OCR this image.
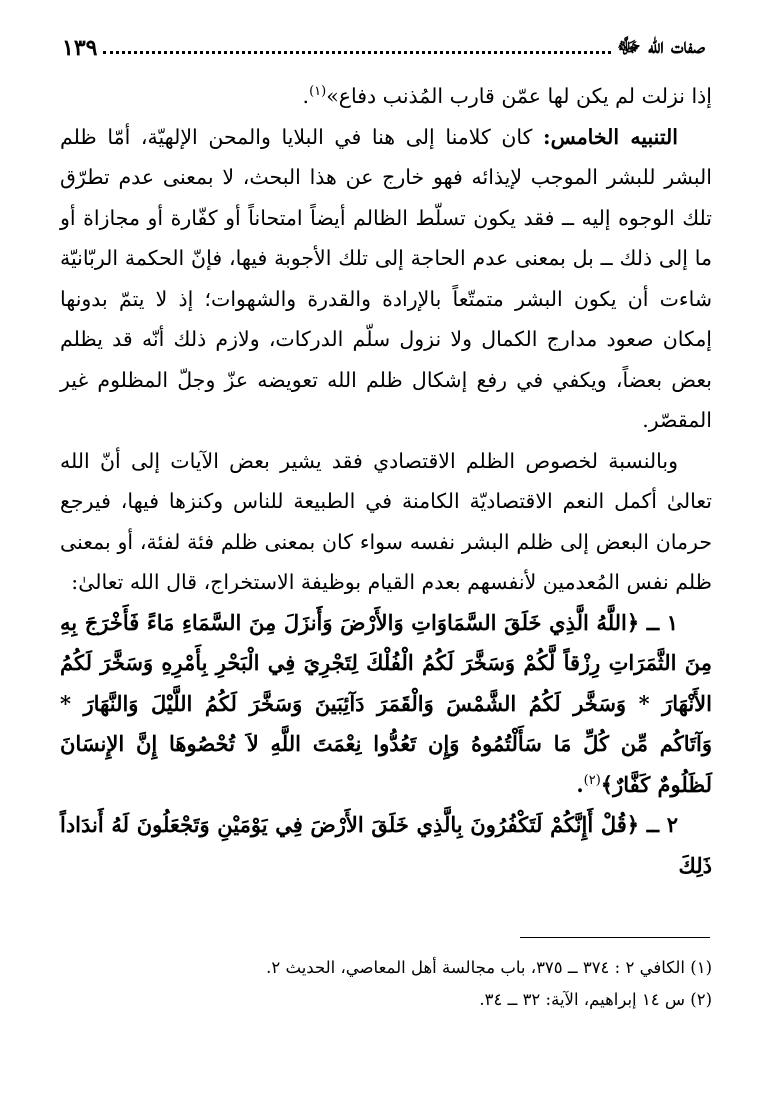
صفات الله ﷻ
١٣٩

إذا نزلت لم يكن لها عمّن قارب المُذنب دفاع»$^{(١)}$.

التنبيه الخامس: كان كلامنا إلى هنا في البلايا والمحن الإلهيّة، أمّا ظلم البشر للبشر الموجب لإيذائه فهو خارج عن هذا البحث، لا بمعنى عدم تطرّق تلك الوجوه إليه ــ فقد يكون تسلّط الظالم أيضاً امتحاناً أو كفّارة أو مجازاة أو ما إلى ذلك ــ بل بمعنى عدم الحاجة إلى تلك الأجوبة فيها، فإنّ الحكمة الربّانيّة شاءت أن يكون البشر متمتّعاً بالإرادة والقدرة والشهوات؛ إذ لا يتمّ بدونها إمكان صعود مدارج الكمال ولا نزول سلّم الدركات، ولازم ذلك أنّه قد يظلم بعض بعضاً، ويكفي في رفع إشكال ظلم الله تعويضه عزّ وجلّ المظلوم غير المقصّر.

وبالنسبة لخصوص الظلم الاقتصادي فقد يشير بعض الآيات إلى أنّ الله تعالىٰ أكمل النعم الاقتصاديّة الكامنة في الطبيعة للناس وكنزها فيها، فيرجع حرمان البعض إلى ظلم البشر نفسه سواء كان بمعنى ظلم فئة لفئة، أو بمعنى ظلم نفس المُعدمين لأنفسهم بعدم القيام بوظيفة الاستخراج، قال الله تعالىٰ:

١ ــ ﴿اللَّهُ الَّذِي خَلَقَ السَّمَاوَاتِ وَالأَرْضَ وَأَنزَلَ مِنَ السَّمَاءِ مَاءً فَأَخْرَجَ بِهِ مِنَ الثَّمَرَاتِ رِزْقاً لَّكُمْ وَسَخَّرَ لَكُمُ الْفُلْكَ لِتَجْرِيَ فِي الْبَحْرِ بِأَمْرِهِ وَسَخَّرَ لَكُمُ الأَنْهَارَ * وَسَخَّر لَكُمُ الشَّمْسَ وَالْقَمَرَ دَآئِبَينَ وَسَخَّرَ لَكُمُ اللَّيْلَ وَالنَّهَارَ * وَآتَاكُم مِّن كُلِّ مَا سَأَلْتُمُوهُ وَإِن تَعُدُّوا نِعْمَتَ اللَّهِ لاَ تُحْصُوهَا إِنَّ الإِنسَانَ لَظَلُومٌ كَفَّارٌ﴾$^{(٢)}$.

٢ ــ ﴿قُلْ أَإِنَّكُمْ لَتَكْفُرُونَ بِالَّذِي خَلَقَ الأَرْضَ فِي يَوْمَيْنِ وَتَجْعَلُونَ لَهُ أَندَاداً ذَلِكَ

(١) الكافي ٢ : ٣٧٤ ــ ٣٧٥، باب مجالسة أهل المعاصي، الحديث ٢.
(٢) س ١٤ إبراهيم، الآية: ٣٢ ــ ٣٤.
